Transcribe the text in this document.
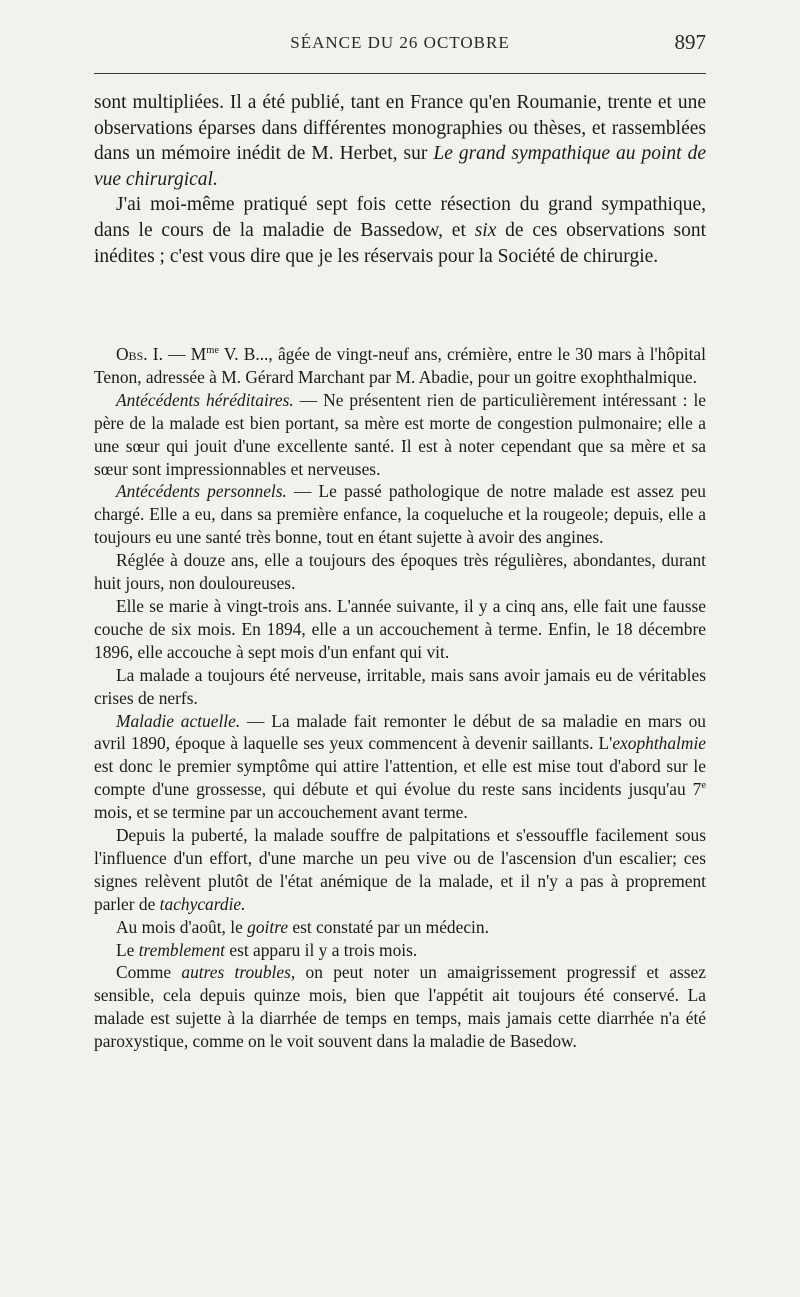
SÉANCE DU 26 OCTOBRE	897

sont multipliées. Il a été publié, tant en France qu'en Roumanie, trente et une observations éparses dans différentes monographies ou thèses, et rassemblées dans un mémoire inédit de M. Herbet, sur Le grand sympathique au point de vue chirurgical.

J'ai moi-même pratiqué sept fois cette résection du grand sympathique, dans le cours de la maladie de Bassedow, et six de ces observations sont inédites ; c'est vous dire que je les réservais pour la Société de chirurgie.

Obs. I. — $M^{me}$ V. B..., âgée de vingt-neuf ans, crémière, entre le 30 mars à l'hôpital Tenon, adressée à M. Gérard Marchant par M. Abadie, pour un goitre exophthalmique.

Antécédents héréditaires. — Ne présentent rien de particulièrement intéressant : le père de la malade est bien portant, sa mère est morte de congestion pulmonaire; elle a une sœur qui jouit d'une excellente santé. Il est à noter cependant que sa mère et sa sœur sont impressionnables et nerveuses.

Antécédents personnels. — Le passé pathologique de notre malade est assez peu chargé. Elle a eu, dans sa première enfance, la coqueluche et la rougeole; depuis, elle a toujours eu une santé très bonne, tout en étant sujette à avoir des angines.

Réglée à douze ans, elle a toujours des époques très régulières, abondantes, durant huit jours, non douloureuses.

Elle se marie à vingt-trois ans. L'année suivante, il y a cinq ans, elle fait une fausse couche de six mois. En 1894, elle a un accouchement à terme. Enfin, le 18 décembre 1896, elle accouche à sept mois d'un enfant qui vit.

La malade a toujours été nerveuse, irritable, mais sans avoir jamais eu de véritables crises de nerfs.

Maladie actuelle. — La malade fait remonter le début de sa maladie en mars ou avril 1890, époque à laquelle ses yeux commencent à devenir saillants. L'exophthalmie est donc le premier symptôme qui attire l'attention, et elle est mise tout d'abord sur le compte d'une grossesse, qui débute et qui évolue du reste sans incidents jusqu'au 7e mois, et se termine par un accouchement avant terme.

Depuis la puberté, la malade souffre de palpitations et s'essouffle facilement sous l'influence d'un effort, d'une marche un peu vive ou de l'ascension d'un escalier; ces signes relèvent plutôt de l'état anémique de la malade, et il n'y a pas à proprement parler de tachycardie.

Au mois d'août, le goitre est constaté par un médecin.

Le tremblement est apparu il y a trois mois.

Comme autres troubles, on peut noter un amaigrissement progressif et assez sensible, cela depuis quinze mois, bien que l'appétit ait toujours été conservé. La malade est sujette à la diarrhée de temps en temps, mais jamais cette diarrhée n'a été paroxystique, comme on le voit souvent dans la maladie de Basedow.
